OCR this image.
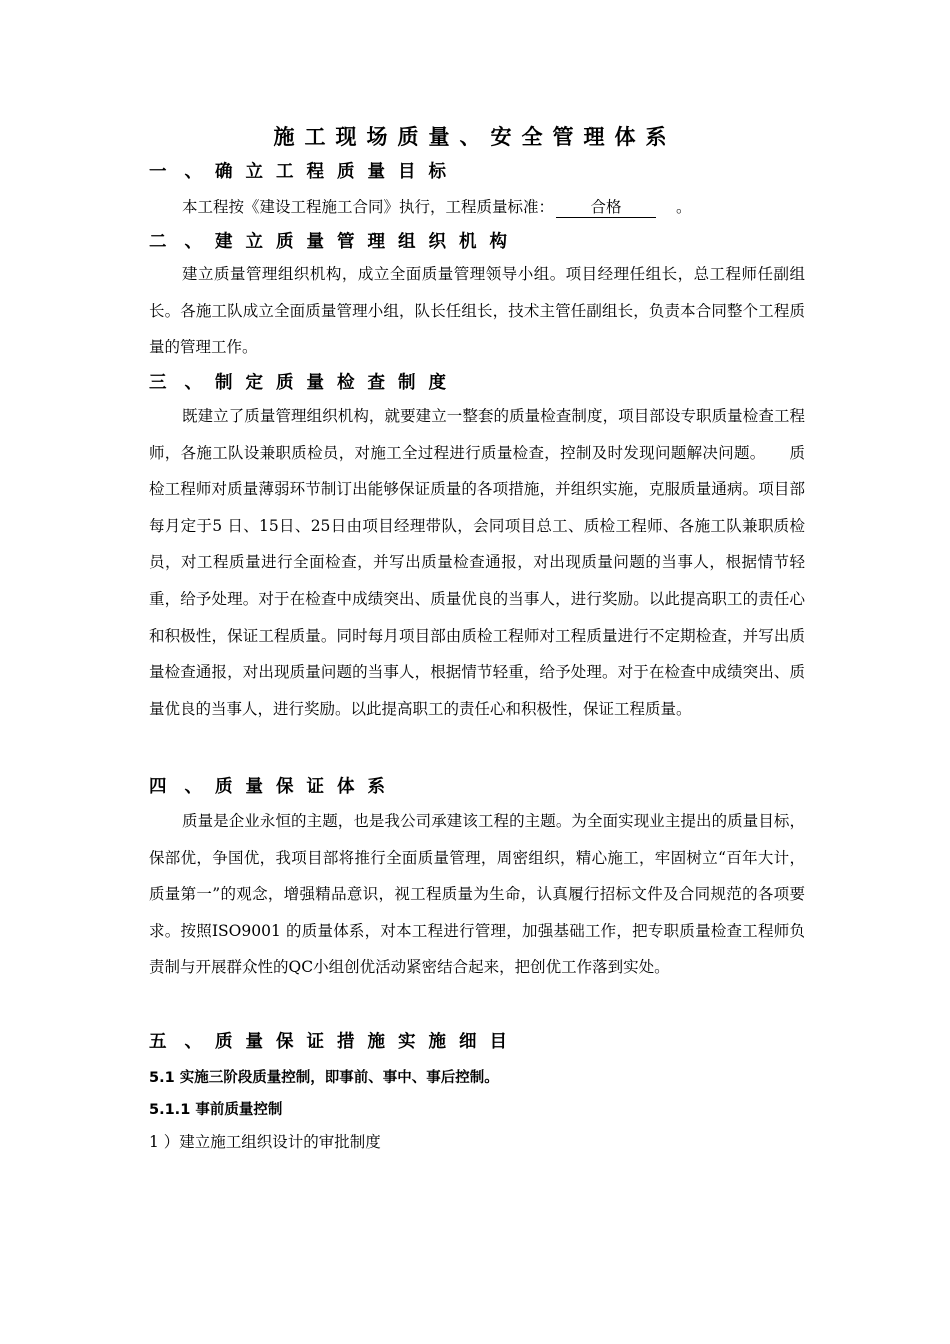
施工现场质量、安全管理体系
一、确立工程质量目标
本工程按《建设工程施工合同》执行，工程质量标准： 合格	。
二、建立质量管理组织机构
建立质量管理组织机构，成立全面质量管理领导小组。项目经理任组长，总工程师任副组长。各施工队成立全面质量管理小组，队长任组长，技术主管任副组长，负责本合同整个工程质量的管理工作。
三、制定质量检查制度
既建立了质量管理组织机构，就要建立一整套的质量检查制度，项目部设专职质量检查工程师，各施工队设兼职质检员，对施工全过程进行质量检查，控制及时发现问题解决问题。　　质检工程师对质量薄弱环节制订出能够保证质量的各项措施，并组织实施，克服质量通病。项目部每月定于5 日、15日、25日由项目经理带队，会同项目总工、质检工程师、各施工队兼职质检员，对工程质量进行全面检查，并写出质量检查通报，对出现质量问题的当事人，根据情节轻重，给予处理。对于在检查中成绩突出、质量优良的当事人，进行奖励。以此提高职工的责任心和积极性，保证工程质量。同时每月项目部由质检工程师对工程质量进行不定期检查，并写出质量检查通报，对出现质量问题的当事人，根据情节轻重，给予处理。对于在检查中成绩突出、质量优良的当事人，进行奖励。以此提高职工的责任心和积极性，保证工程质量。
四、质量保证体系
质量是企业永恒的主题，也是我公司承建该工程的主题。为全面实现业主提出的质量目标，保部优，争国优，我项目部将推行全面质量管理，周密组织，精心施工，牢固树立“百年大计，质量第一”的观念，增强精品意识，视工程质量为生命，认真履行招标文件及合同规范的各项要求。按照ISO9001 的质量体系，对本工程进行管理，加强基础工作，把专职质量检查工程师负责制与开展群众性的QC小组创优活动紧密结合起来，把创优工作落到实处。
五、质量保证措施实施细目
5.1 实施三阶段质量控制，即事前、事中、事后控制。
5.1.1 事前质量控制
1 ）建立施工组织设计的审批制度
